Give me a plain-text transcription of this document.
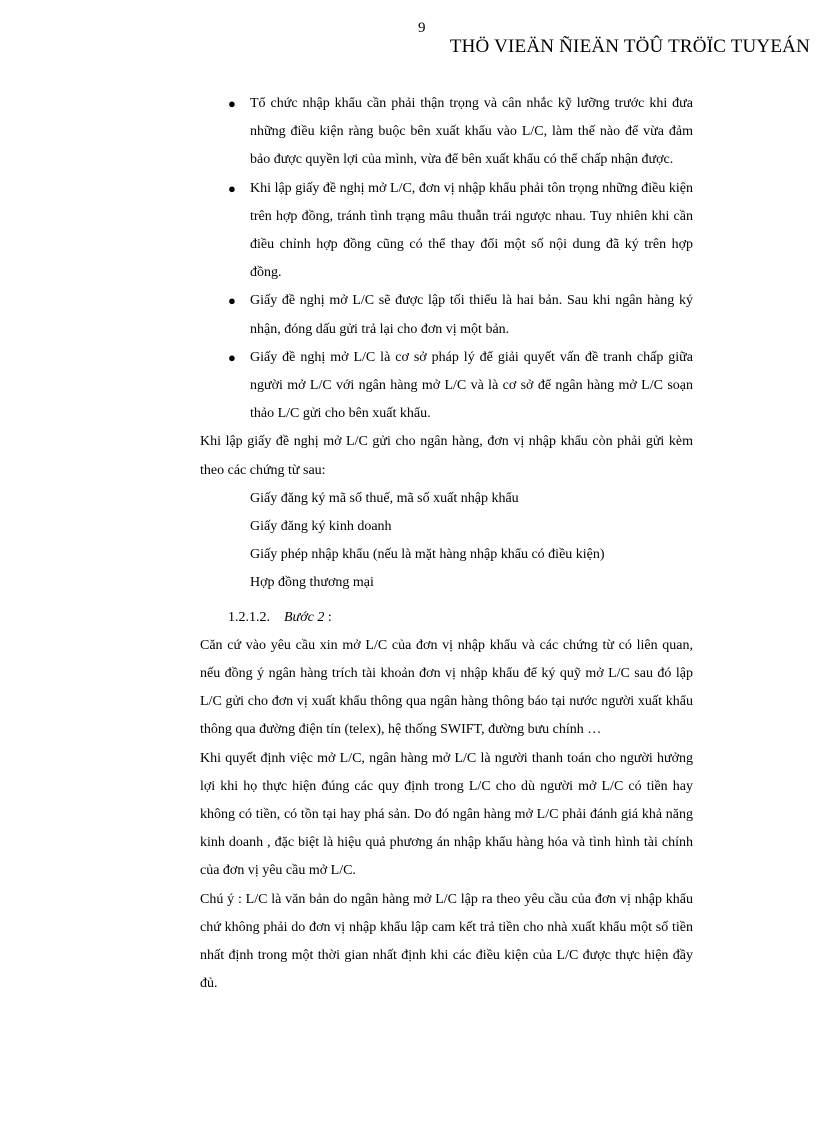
9
THÖ VIEÄN ÑIEÄN TÖÛ TRÖÏC TUYEÁN
● Tổ chức nhập khẩu cần phải thận trọng và cân nhắc kỹ lưỡng trước khi đưa những điều kiện ràng buộc bên xuất khẩu vào L/C, làm thế nào để vừa đảm bảo được quyền lợi của mình, vừa để bên xuất khẩu có thể chấp nhận được.
● Khi lập giấy đề nghị mở L/C, đơn vị nhập khẩu phải tôn trọng những điều kiện trên hợp đồng, tránh tình trạng mâu thuẫn trái ngược nhau. Tuy nhiên khi cần điều chỉnh hợp đồng cũng có thể thay đổi một số nội dung đã ký trên hợp đồng.
● Giấy đề nghị mở L/C sẽ được lập tối thiểu là hai bản. Sau khi ngân hàng ký nhận, đóng dấu gửi trả lại cho đơn vị một bản.
● Giấy đề nghị mở L/C là cơ sở pháp lý để giải quyết vấn đề tranh chấp giữa người mở L/C với ngân hàng mở L/C và là cơ sở để ngân hàng mở L/C soạn thảo L/C gửi cho bên xuất khẩu.

Khi lập giấy đề nghị mở L/C gửi cho ngân hàng, đơn vị nhập khẩu còn phải gửi kèm theo các chứng từ sau:

Giấy đăng ký mã số thuế, mã số xuất nhập khẩu
Giấy đăng ký kinh doanh
Giấy phép nhập khẩu (nếu là mặt hàng nhập khẩu có điều kiện)
Hợp đồng thương mại
1.2.1.2. Bước 2 :

Căn cứ vào yêu cầu xin mở L/C của đơn vị nhập khẩu và các chứng từ có liên quan, nếu đồng ý ngân hàng trích tài khoản đơn vị nhập khẩu để ký quỹ mở L/C sau đó lập L/C gửi cho đơn vị xuất khẩu thông qua ngân hàng thông báo tại nước người xuất khẩu thông qua đường điện tín (telex), hệ thống SWIFT, đường bưu chính …

Khi quyết định việc mở L/C, ngân hàng mở L/C là người thanh toán cho người hưởng lợi khi họ thực hiện đúng các quy định trong L/C cho dù người mở L/C có tiền hay không có tiền, có tồn tại hay phá sản. Do đó ngân hàng mở L/C phải đánh giá khả năng kinh doanh , đặc biệt là hiệu quả phương án nhập khẩu hàng hóa và tình hình tài chính của đơn vị yêu cầu mở L/C.

Chú ý : L/C là văn bản do ngân hàng mở L/C lập ra theo yêu cầu của đơn vị nhập khẩu chứ không phải do đơn vị nhập khẩu lập cam kết trả tiền cho nhà xuất khẩu một số tiền nhất định trong một thời gian nhất định khi các điều kiện của L/C được thực hiện đầy đủ.
